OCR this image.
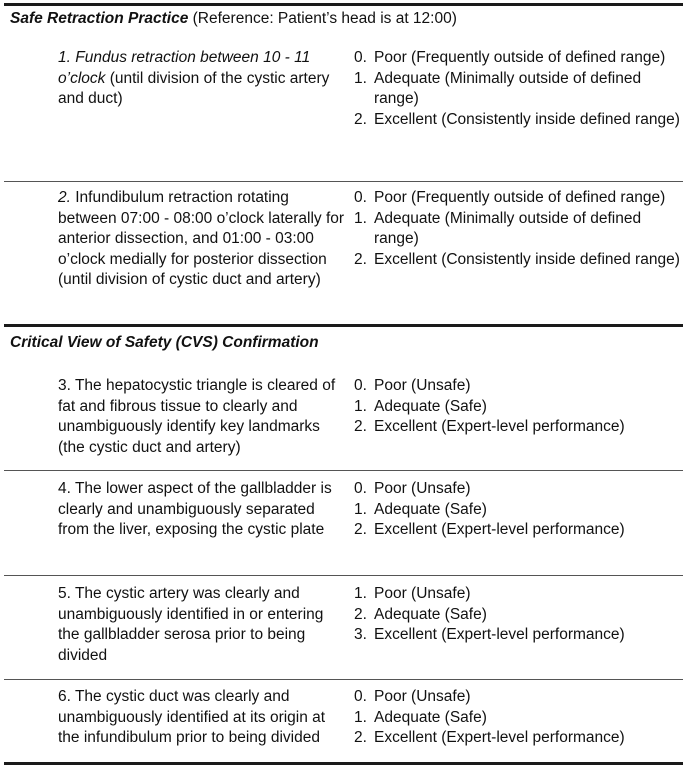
Safe Retraction Practice (Reference: Patient’s head is at 12:00)
1. Fundus retraction between 10 - 11 o’clock (until division of the cystic artery and duct)
0. Poor (Frequently outside of defined range)
1. Adequate (Minimally outside of defined range)
2. Excellent (Consistently inside defined range)
2. Infundibulum retraction rotating between 07:00 - 08:00 o’clock laterally for anterior dissection, and 01:00 - 03:00 o’clock medially for posterior dissection (until division of cystic duct and artery)
0. Poor (Frequently outside of defined range)
1. Adequate (Minimally outside of defined range)
2. Excellent (Consistently inside defined range)
Critical View of Safety (CVS) Confirmation
3. The hepatocystic triangle is cleared of fat and fibrous tissue to clearly and unambiguously identify key landmarks (the cystic duct and artery)
0. Poor (Unsafe)
1. Adequate (Safe)
2. Excellent (Expert-level performance)
4. The lower aspect of the gallbladder is clearly and unambiguously separated from the liver, exposing the cystic plate
0. Poor (Unsafe)
1. Adequate (Safe)
2. Excellent (Expert-level performance)
5. The cystic artery was clearly and unambiguously identified in or entering the gallbladder serosa prior to being divided
1. Poor (Unsafe)
2. Adequate (Safe)
3. Excellent (Expert-level performance)
6. The cystic duct was clearly and unambiguously identified at its origin at the infundibulum prior to being divided
0. Poor (Unsafe)
1. Adequate (Safe)
2. Excellent (Expert-level performance)
